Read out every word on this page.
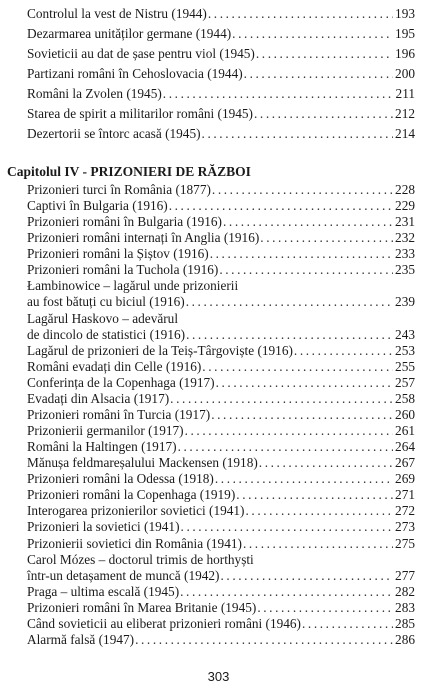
Controlul la vest de Nistru (1944) .....	193
Dezarmarea unităților germane (1944) .....	195
Sovieticii au dat de șase pentru viol (1945) .....	196
Partizani români în Cehoslovacia (1944) .....	200
Români la Zvolen (1945) .....	211
Starea de spirit a militarilor români (1945) .....	212
Dezertorii se întorc acasă (1945) .....	214
Capitolul IV - PRIZONIERI DE RĂZBOI
303
Prizonieri turci în România (1877) .....	228
Captivi în Bulgaria (1916) .....	229
Prizonieri români în Bulgaria (1916) .....	231
Prizonieri români internați în Anglia (1916) .....	232
Prizonieri români la Șiștov (1916) .....	233
Prizonieri români la Tuchola (1916) .....	235
Łambinowice – lagărul unde prizonierii
au fost bătuți cu biciul (1916) .....	239
Lagărul Haskovo – adevărul
de dincolo de statistici (1916) .....	243
Lagărul de prizonieri de la Teiș-Târgoviște (1916) .....	253
Români evadați din Celle (1916) .....	255
Conferința de la Copenhaga (1917) .....	257
Evadați din Alsacia (1917) .....	258
Prizonieri români în Turcia (1917) .....	260
Prizonierii germanilor (1917) .....	261
Români la Haltingen (1917) .....	264
Mănușa feldmareșalului Mackensen (1918) .....	267
Prizonieri români la Odessa (1918) .....	269
Prizonieri români la Copenhaga (1919) .....	271
Interogarea prizonierilor sovietici (1941) .....	272
Prizonieri la sovietici (1941) .....	273
Prizonierii sovietici din România (1941) .....	275
Carol Mózes – doctorul trimis de horthyști
într-un detașament de muncă (1942) .....	277
Praga – ultima escală (1945) .....	282
Prizonieri români în Marea Britanie (1945) .....	283
Când sovieticii au eliberat prizonieri români (1946) .....	285
Alarmă falsă (1947) .....	286
